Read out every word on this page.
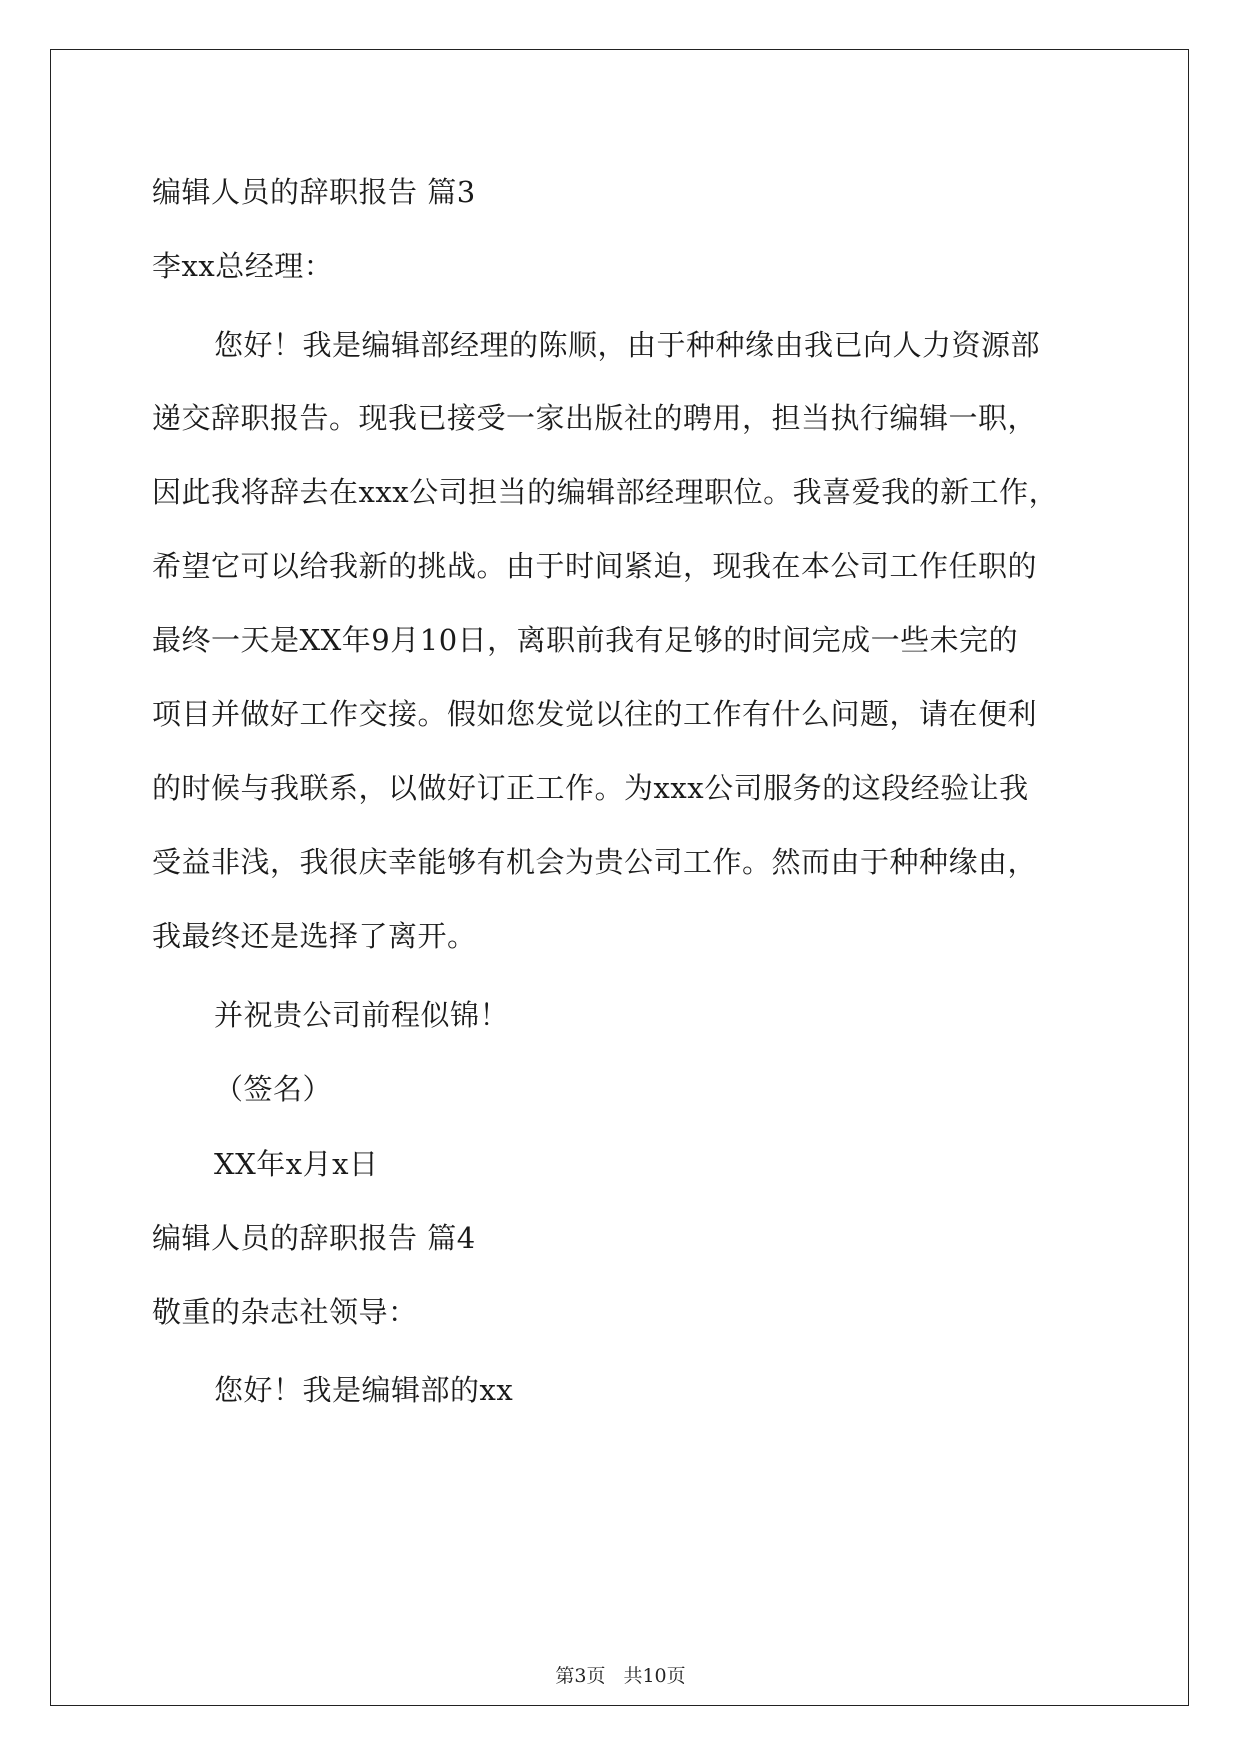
编辑人员的辞职报告 篇3
李xx总经理：
您好！我是编辑部经理的陈顺，由于种种缘由我已向人力资源部
递交辞职报告。现我已接受一家出版社的聘用，担当执行编辑一职，
因此我将辞去在xxx公司担当的编辑部经理职位。我喜爱我的新工作，
希望它可以给我新的挑战。由于时间紧迫，现我在本公司工作任职的
最终一天是XX年9月10日，离职前我有足够的时间完成一些未完的
项目并做好工作交接。假如您发觉以往的工作有什么问题，请在便利
的时候与我联系，以做好订正工作。为xxx公司服务的这段经验让我
受益非浅，我很庆幸能够有机会为贵公司工作。然而由于种种缘由，
我最终还是选择了离开。
并祝贵公司前程似锦！
（签名）
XX年x月x日
编辑人员的辞职报告 篇4
敬重的杂志社领导：
您好！我是编辑部的xx
第3页 共10页
